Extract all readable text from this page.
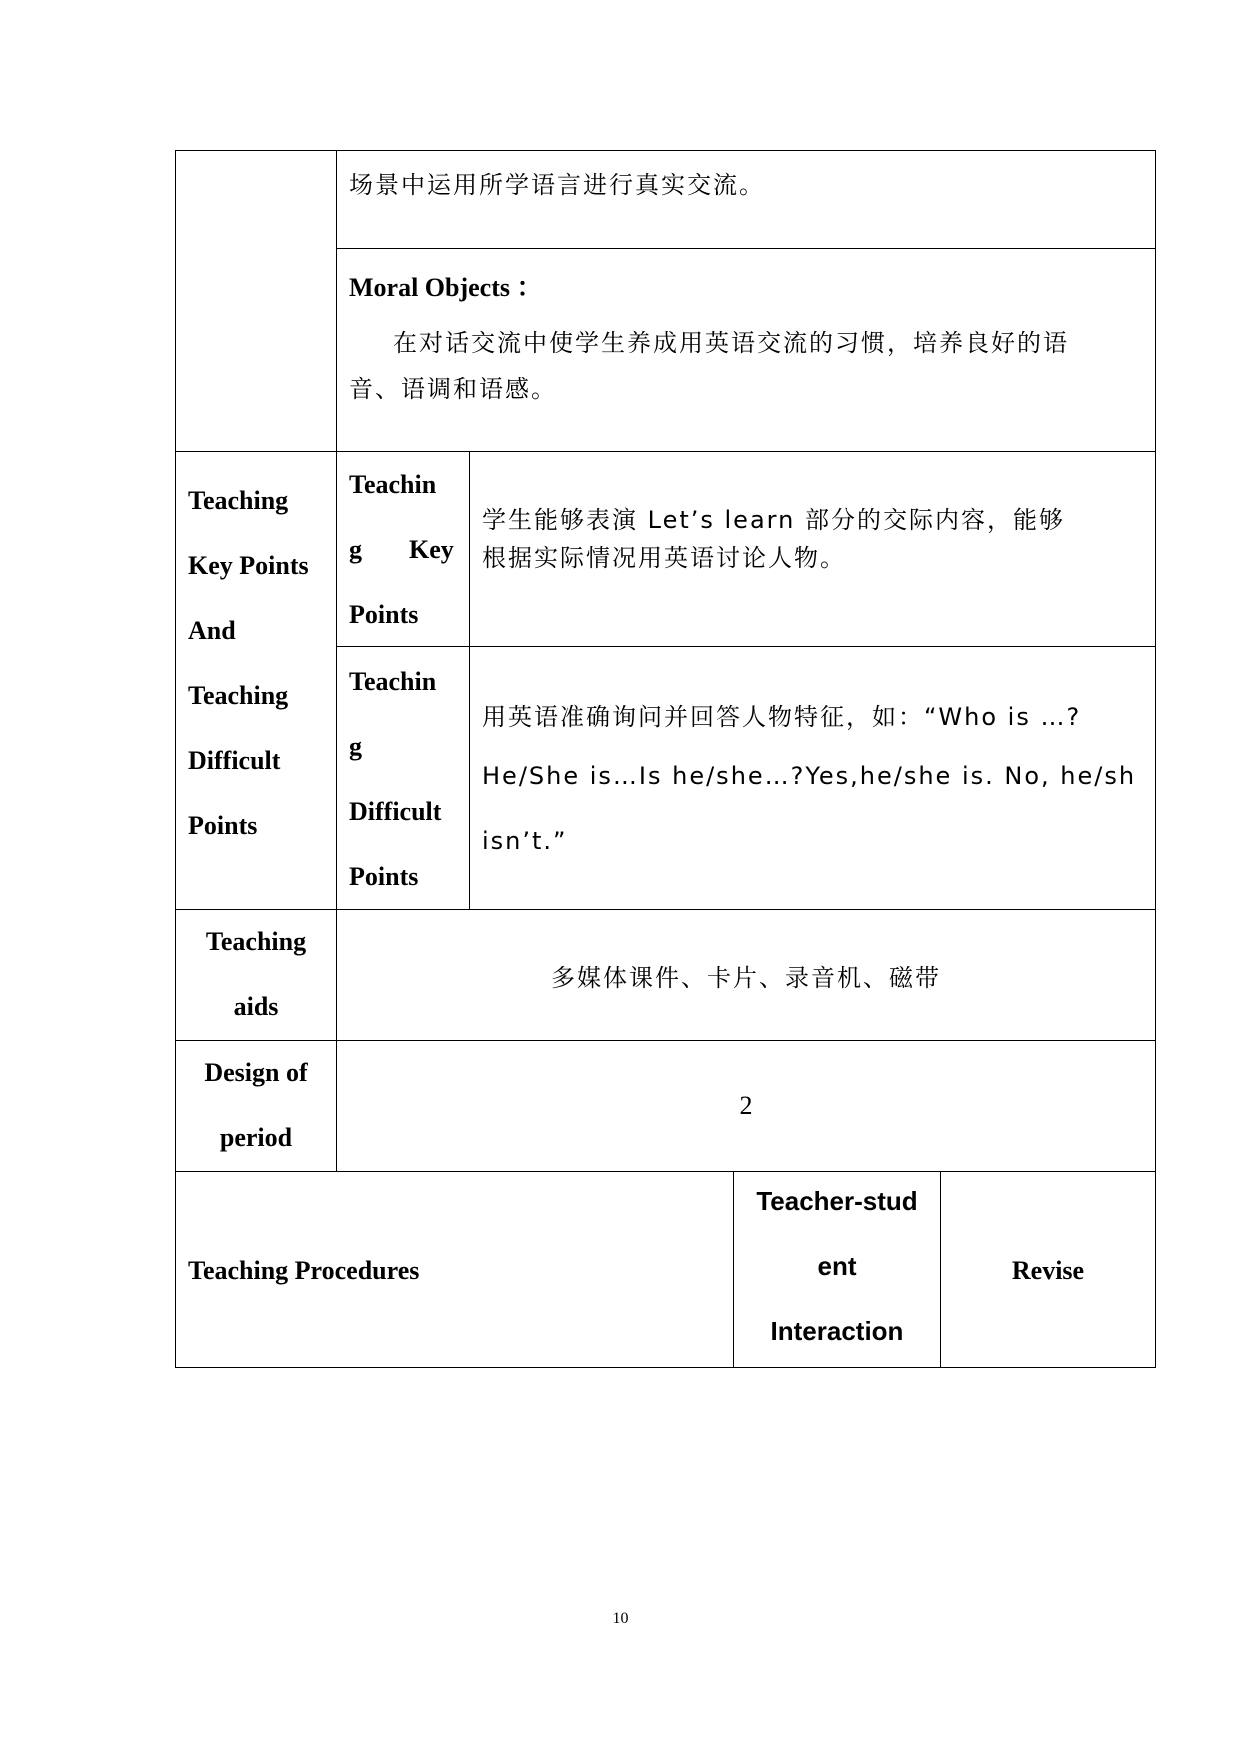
场景中运用所学语言进行真实交流。
Moral Objects ：
在对话交流中使学生养成用英语交流的习惯，培养良好的语
音、语调和语感。
Teaching
Key Points
And
Teaching
Difficult
Points
Teachin
g Key
Points
学生能够表演 Let’s learn 部分的交际内容，能够
根据实际情况用英语讨论人物。
Teachin
g
Difficult
Points
用英语准确询问并回答人物特征，如：“Who is …?
He/She is…Is he/she…?Yes,he/she is. No, he/sh
isn’t.”
Teaching
aids
多媒体课件、卡片、录音机、磁带
Design of
period
2
Teaching Procedures
Teacher-stud
ent
Interaction
Revise
10
